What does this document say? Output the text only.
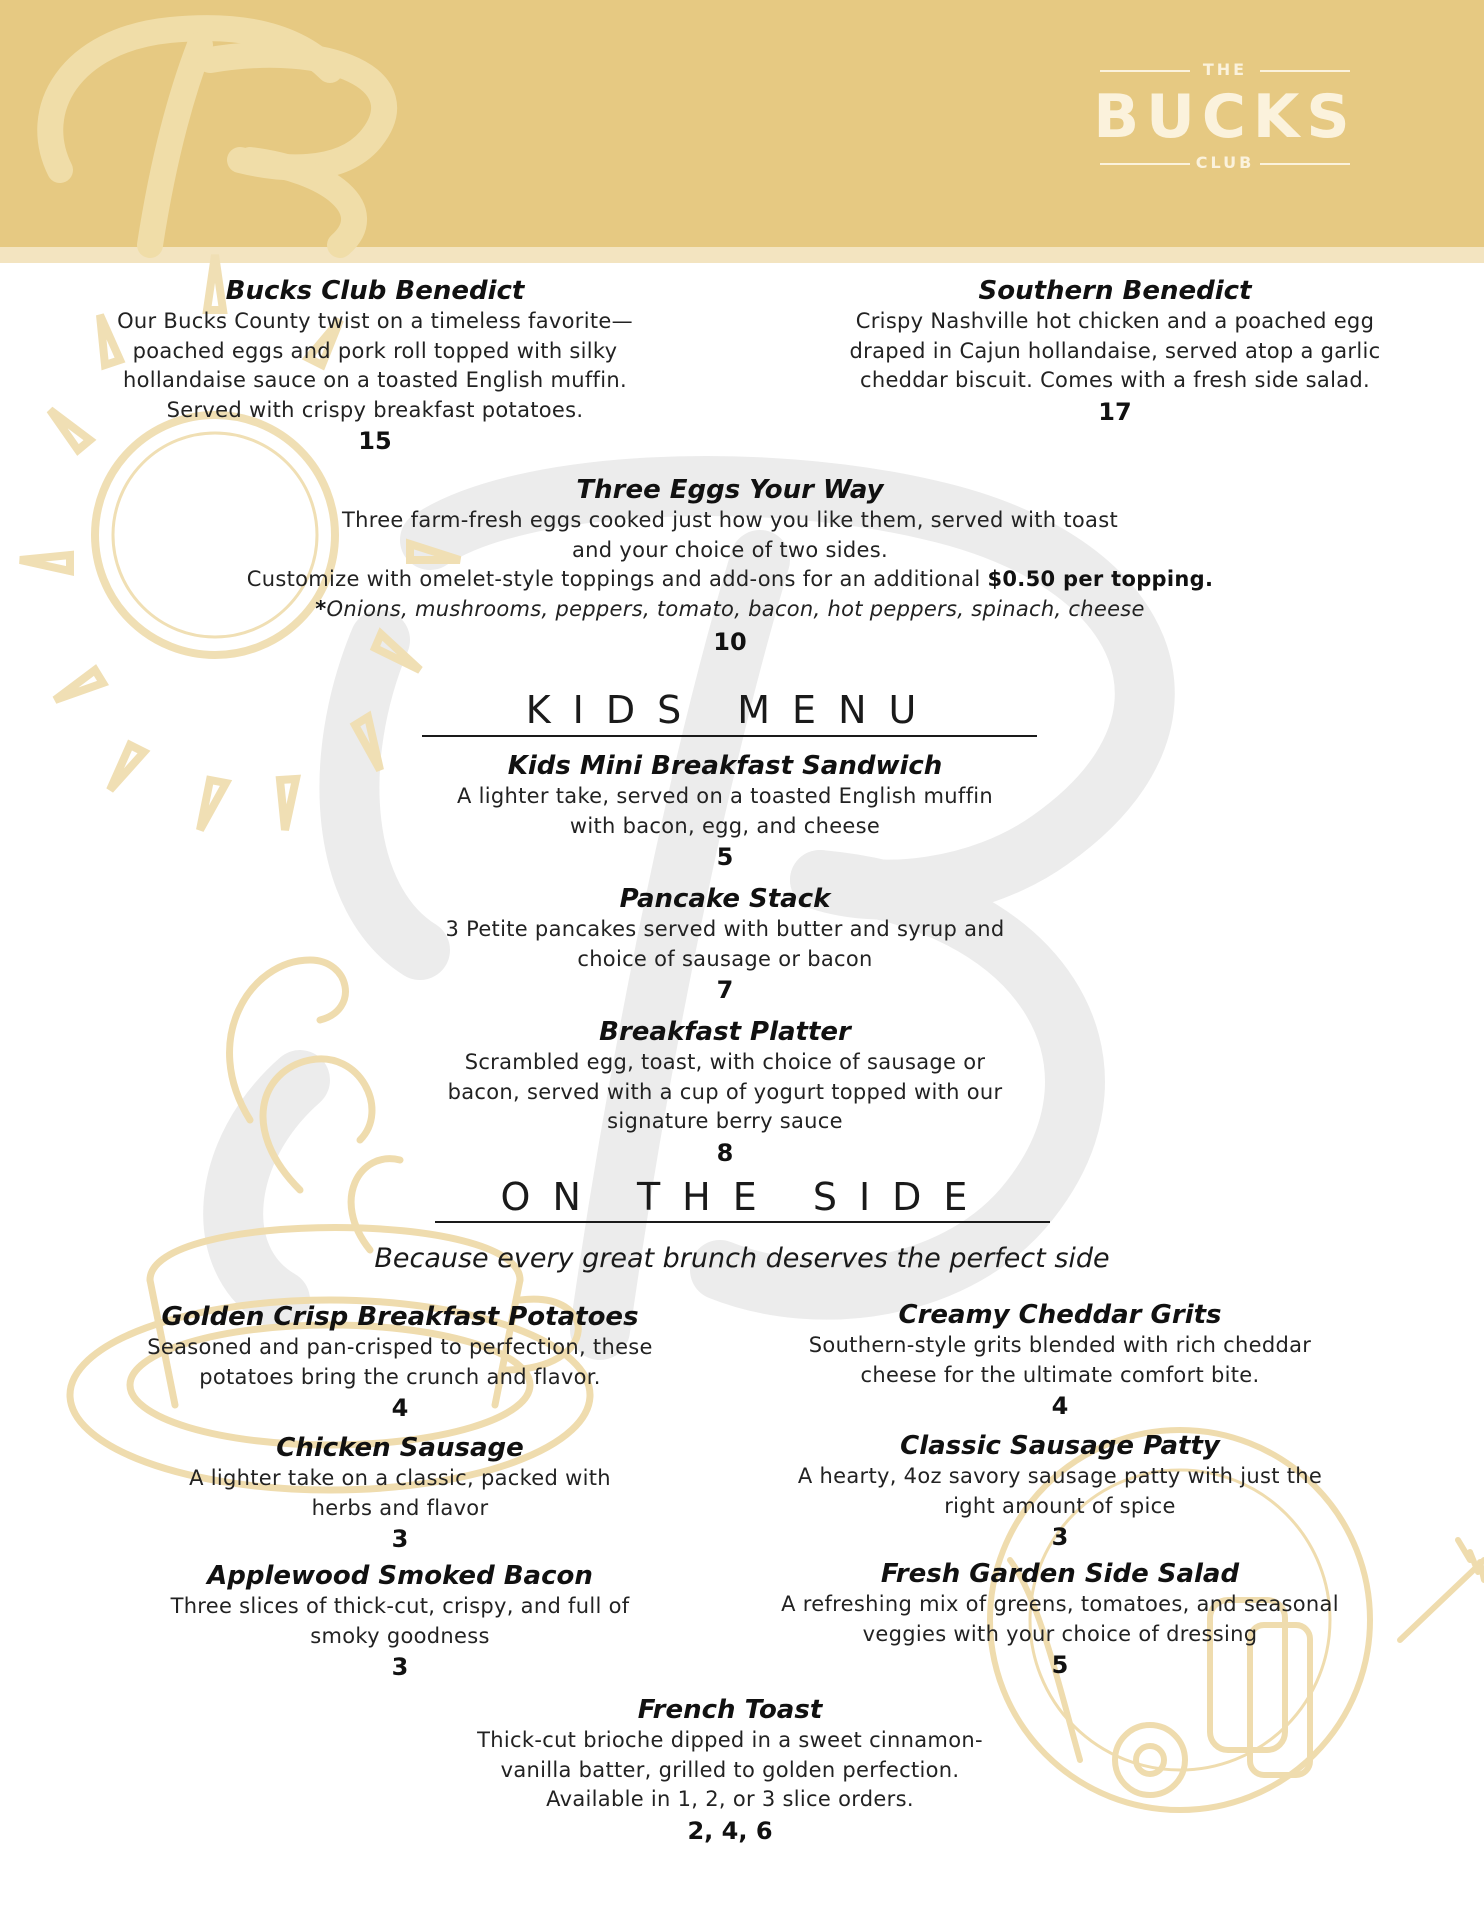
THE
BUCKS
CLUB
Bucks Club Benedict
Our Bucks County twist on a timeless favorite—
poached eggs and pork roll topped with silky
hollandaise sauce on a toasted English muffin.
Served with crispy breakfast potatoes.
15
Southern Benedict
Crispy Nashville hot chicken and a poached egg
draped in Cajun hollandaise, served atop a garlic
cheddar biscuit. Comes with a fresh side salad.
17
Three Eggs Your Way
Three farm-fresh eggs cooked just how you like them, served with toast
and your choice of two sides.
Customize with omelet-style toppings and add-ons for an additional $0.50 per topping.
*Onions, mushrooms, peppers, tomato, bacon, hot peppers, spinach, cheese
10
KIDS MENU
Kids Mini Breakfast Sandwich
A lighter take, served on a toasted English muffin
with bacon, egg, and cheese
5
Pancake Stack
3 Petite pancakes served with butter and syrup and
choice of sausage or bacon
7
Breakfast Platter
Scrambled egg, toast, with choice of sausage or
bacon, served with a cup of yogurt topped with our
signature berry sauce
8
ON THE SIDE
Because every great brunch deserves the perfect side
Golden Crisp Breakfast Potatoes
Seasoned and pan-crisped to perfection, these
potatoes bring the crunch and flavor.
4
Chicken Sausage
A lighter take on a classic, packed with
herbs and flavor
3
Applewood Smoked Bacon
Three slices of thick-cut, crispy, and full of
smoky goodness
3
Creamy Cheddar Grits
Southern-style grits blended with rich cheddar
cheese for the ultimate comfort bite.
4
Classic Sausage Patty
A hearty, 4oz savory sausage patty with just the
right amount of spice
3
Fresh Garden Side Salad
A refreshing mix of greens, tomatoes, and seasonal
veggies with your choice of dressing
5
French Toast
Thick-cut brioche dipped in a sweet cinnamon-
vanilla batter, grilled to golden perfection.
Available in 1, 2, or 3 slice orders.
2, 4, 6
